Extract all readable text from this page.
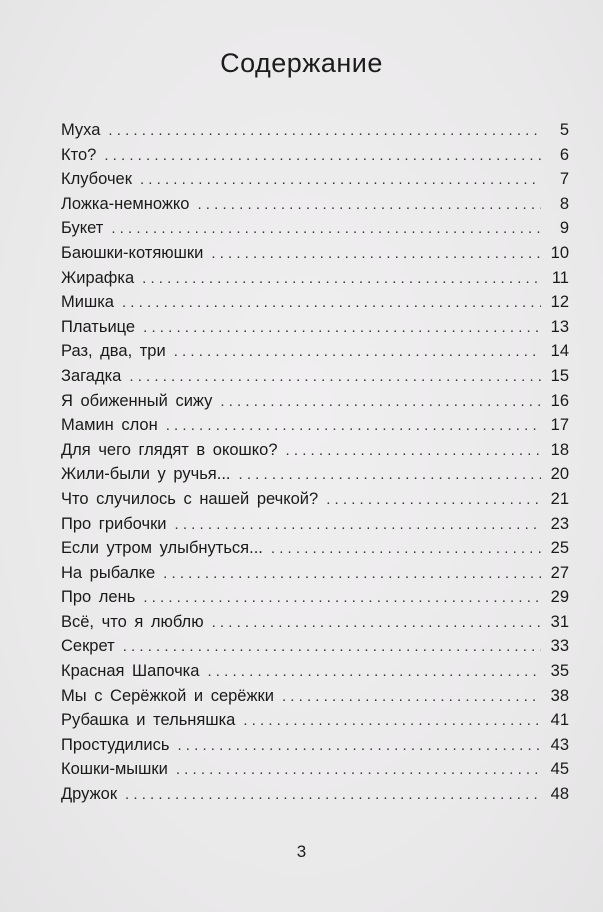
Содержание
Муха . . .	5
Кто? . . .	6
Клубочек . . .	7
Ложка-немножко . . .	8
Букет . . .	9
Баюшки-котяюшки . . .	10
Жирафка . . .	11
Мишка . . .	12
Платьице . . .	13
Раз, два, три . . .	14
Загадка . . .	15
Я обиженный сижу . . .	16
Мамин слон . . .	17
Для чего глядят в окошко? . . .	18
Жили-были у ручья... . . .	20
Что случилось с нашей речкой? . . .	21
Про грибочки . . .	23
Если утром улыбнуться... . . .	25
На рыбалке . . .	27
Про лень . . .	29
Всё, что я люблю . . .	31
Секрет . . .	33
Красная Шапочка . . .	35
Мы с Серёжкой и серёжки . . .	38
Рубашка и тельняшка . . .	41
Простудились . . .	43
Кошки-мышки . . .	45
Дружок . . .	48
3
